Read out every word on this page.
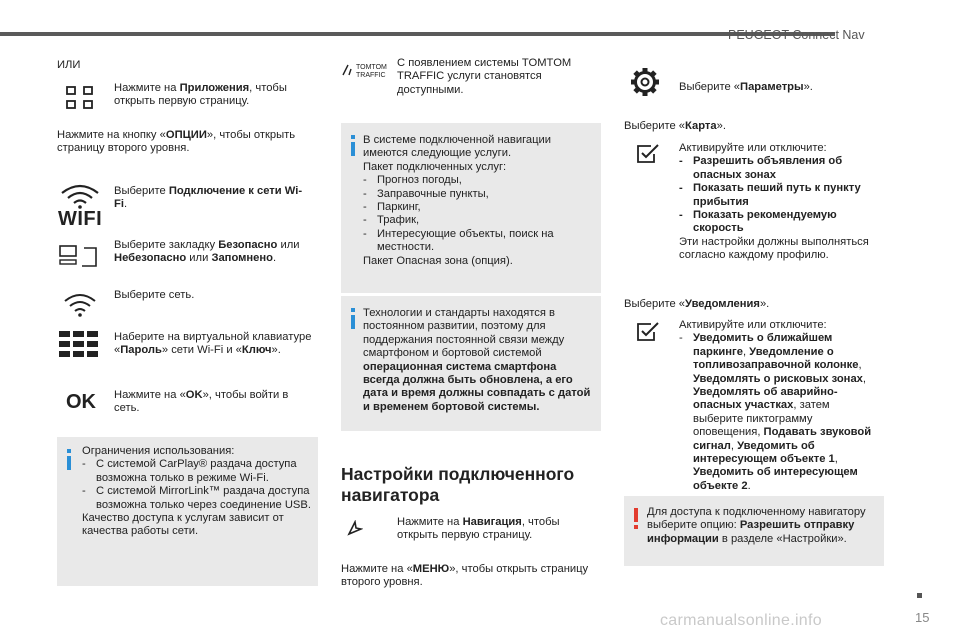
PEUGEOT Connect Nav
15
ИЛИ
Нажмите на Приложения, чтобы открыть первую страницу.
Нажмите на кнопку «ОПЦИИ», чтобы открыть страницу второго уровня.
WIFI
Выберите Подключение к сети Wi-Fi.
Выберите закладку Безопасно или Небезопасно или Запомнено.
Выберите сеть.
Наберите на виртуальной клавиатуре «Пароль» сети Wi-Fi и «Ключ».
OK Нажмите на «OK», чтобы войти в сеть.
Ограничения использования:
- С системой CarPlay® раздача доступа возможна только в режиме Wi-Fi.
- С системой MirrorLink™ раздача доступа возможна только через соединение USB.
Качество доступа к услугам зависит от качества работы сети.
TOMTOM TRAFFIC
С появлением системы TOMTOM TRAFFIC услуги становятся доступными.
В системе подключенной навигации имеются следующие услуги.
Пакет подключенных услуг:
- Прогноз погоды,
- Заправочные пункты,
- Паркинг,
- Трафик,
- Интересующие объекты, поиск на местности.
Пакет Опасная зона (опция).
Технологии и стандарты находятся в постоянном развитии, поэтому для поддержания постоянной связи между смартфоном и бортовой системой операционная система смартфона всегда должна быть обновлена, а его дата и время должны совпадать с датой и временем бортовой системы.
Настройки подключенного навигатора
Нажмите на Навигация, чтобы открыть первую страницу.
Нажмите на «МЕНЮ», чтобы открыть страницу второго уровня.
Выберите «Параметры».
Выберите «Карта».
Активируйте или отключите:
- Разрешить объявления об опасных зонах
- Показать пеший путь к пункту прибытия
- Показать рекомендуемую скорость
Эти настройки должны выполняться согласно каждому профилю.
Выберите «Уведомления».
Активируйте или отключите:
- Уведомить о ближайшем паркинге, Уведомление о топливозаправочной колонке, Уведомлять о рисковых зонах, Уведомлять об аварийно-опасных участках, затем выберите пиктограмму оповещения, Подавать звуковой сигнал, Уведомить об интересующем объекте 1, Уведомить об интересующем объекте 2.
Для доступа к подключенному навигатору выберите опцию: Разрешить отправку информации в разделе «Настройки».
carmanualsonline.info
